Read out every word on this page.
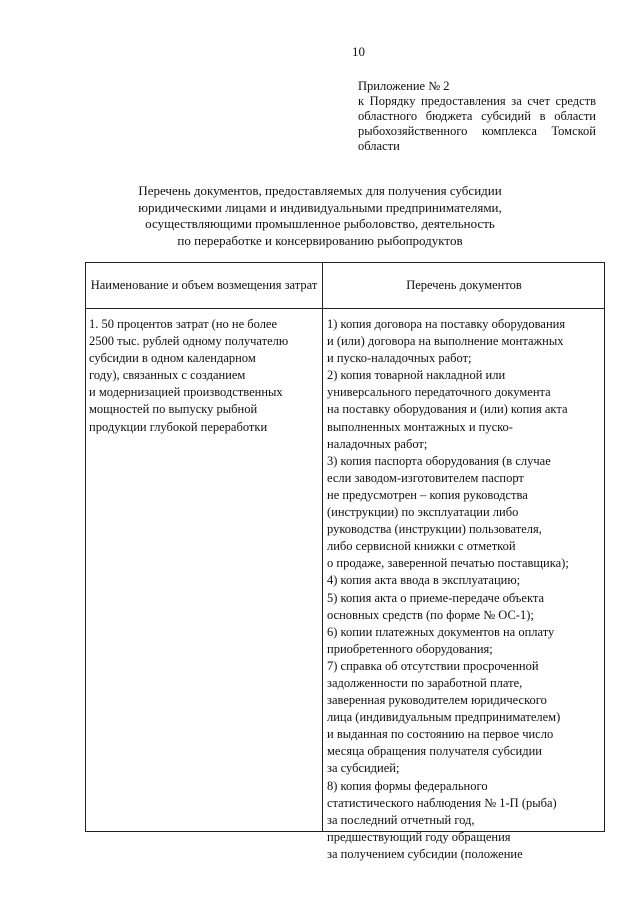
10
Приложение № 2
к Порядку предоставления за счет средств
областного бюджета субсидий в области
рыбохозяйственного комплекса Томской
области
Перечень документов, предоставляемых для получения субсидии
юридическими лицами и индивидуальными предпринимателями,
осуществляющими промышленное рыболовство, деятельность
по переработке и консервированию рыбопродуктов
Наименование и объем возмещения затрат	Перечень документов
1. 50 процентов затрат (но не более
2500 тыс. рублей одному получателю
субсидии в одном календарном
году), связанных с созданием
и модернизацией производственных
мощностей по выпуску рыбной
продукции глубокой переработки
1) копия договора на поставку оборудования
и (или) договора на выполнение монтажных
и пуско-наладочных работ;
2) копия товарной накладной или
универсального передаточного документа
на поставку оборудования и (или) копия акта
выполненных монтажных и пуско-
наладочных работ;
3) копия паспорта оборудования (в случае
если заводом-изготовителем паспорт
не предусмотрен – копия руководства
(инструкции) по эксплуатации либо
руководства (инструкции) пользователя,
либо сервисной книжки с отметкой
о продаже, заверенной печатью поставщика);
4) копия акта ввода в эксплуатацию;
5) копия акта о приеме-передаче объекта
основных средств (по форме № ОС-1);
6) копии платежных документов на оплату
приобретенного оборудования;
7) справка об отсутствии просроченной
задолженности по заработной плате,
заверенная руководителем юридического
лица (индивидуальным предпринимателем)
и выданная по состоянию на первое число
месяца обращения получателя субсидии
за субсидией;
8) копия формы федерального
статистического наблюдения № 1-П (рыба)
за последний отчетный год,
предшествующий году обращения
за получением субсидии (положение
